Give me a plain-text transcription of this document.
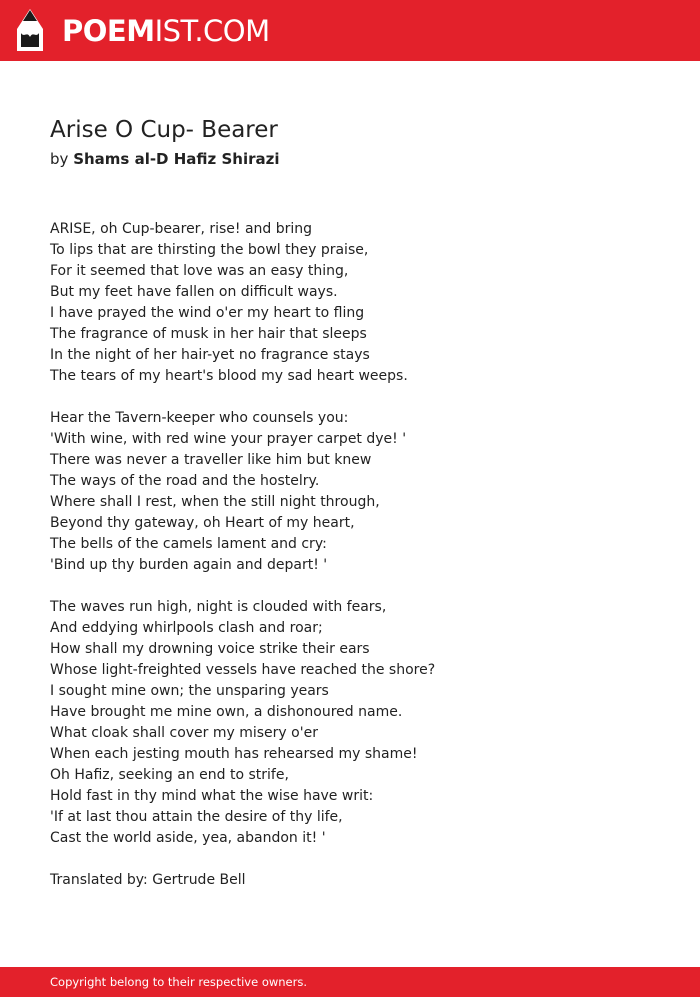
POEMIST.COM
Arise O Cup- Bearer
by Shams al-D Hafiz Shirazi
ARISE, oh Cup-bearer, rise! and bring
To lips that are thirsting the bowl they praise,
For it seemed that love was an easy thing,
But my feet have fallen on difficult ways.
I have prayed the wind o'er my heart to fling
The fragrance of musk in her hair that sleeps
In the night of her hair-yet no fragrance stays
The tears of my heart's blood my sad heart weeps.
Hear the Tavern-keeper who counsels you:
'With wine, with red wine your prayer carpet dye! '
There was never a traveller like him but knew
The ways of the road and the hostelry.
Where shall I rest, when the still night through,
Beyond thy gateway, oh Heart of my heart,
The bells of the camels lament and cry:
'Bind up thy burden again and depart! '
The waves run high, night is clouded with fears,
And eddying whirlpools clash and roar;
How shall my drowning voice strike their ears
Whose light-freighted vessels have reached the shore?
I sought mine own; the unsparing years
Have brought me mine own, a dishonoured name.
What cloak shall cover my misery o'er
When each jesting mouth has rehearsed my shame!
Oh Hafiz, seeking an end to strife,
Hold fast in thy mind what the wise have writ:
'If at last thou attain the desire of thy life,
Cast the world aside, yea, abandon it! '
Translated by: Gertrude Bell
Copyright belong to their respective owners.
